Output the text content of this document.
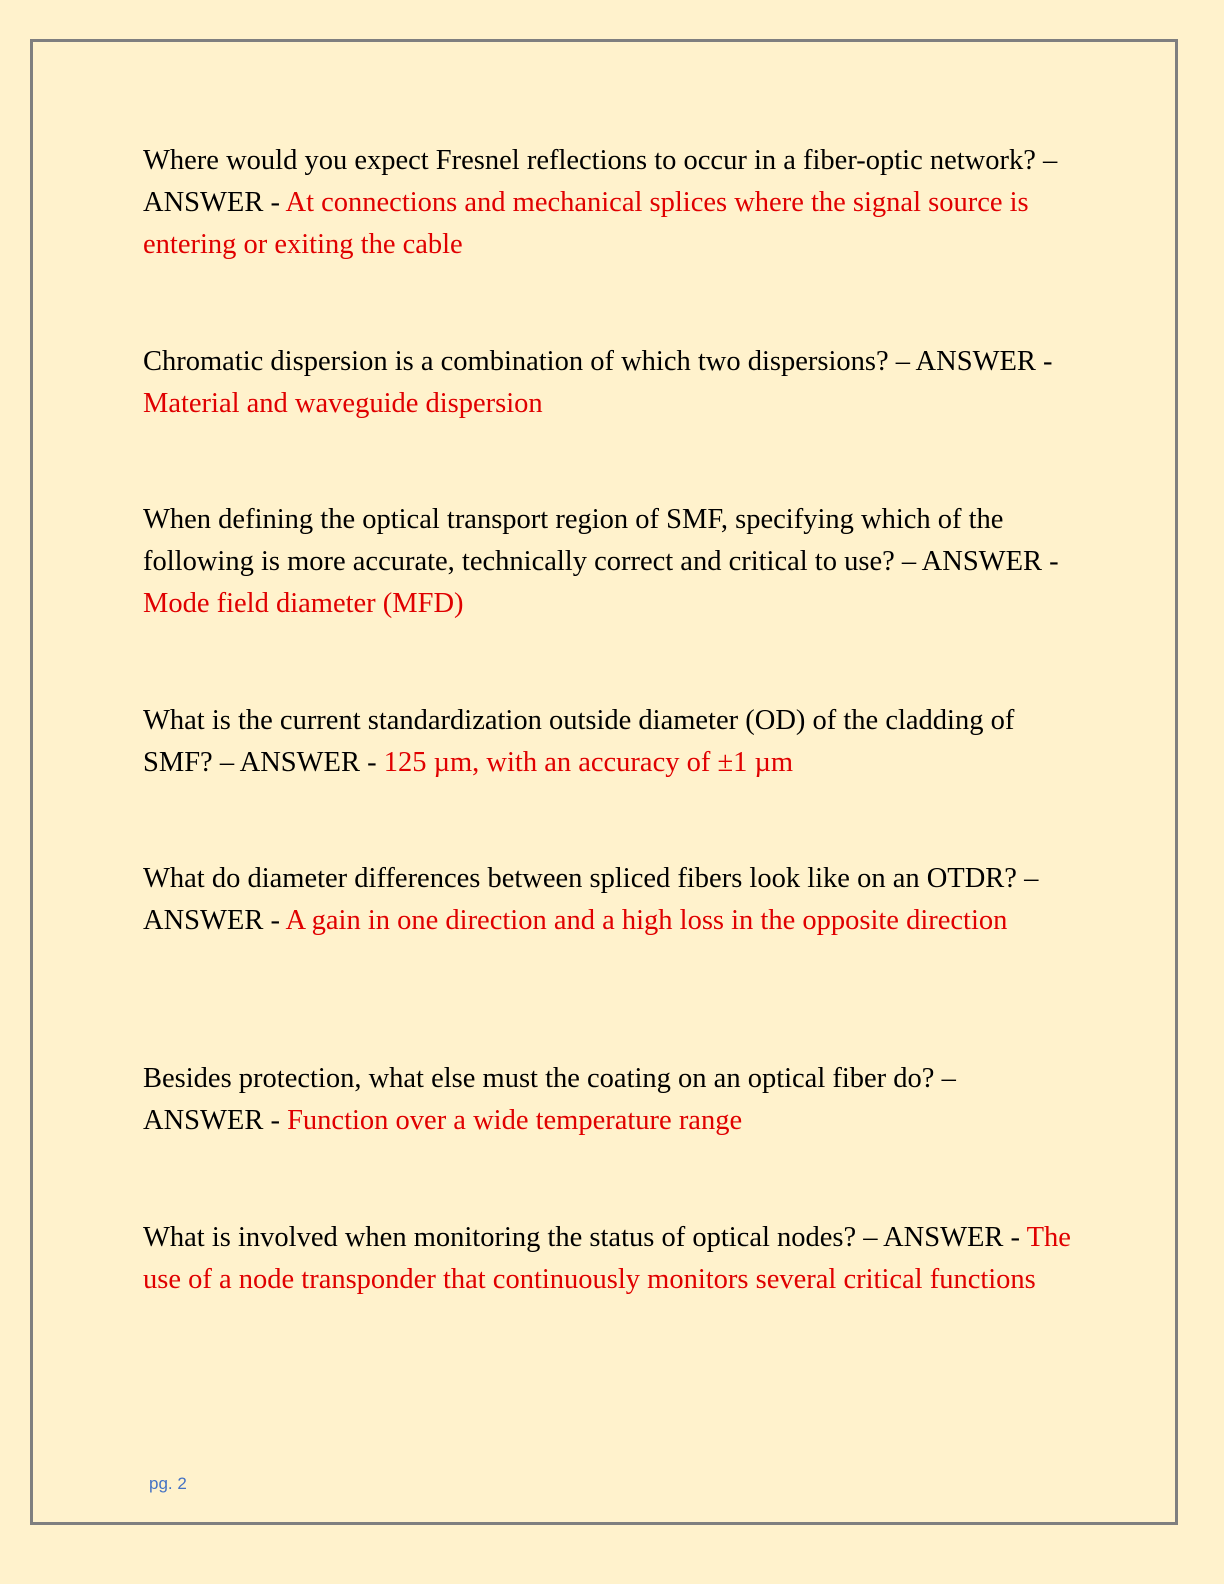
Where would you expect Fresnel reflections to occur in a fiber-optic network? – ANSWER - At connections and mechanical splices where the signal source is entering or exiting the cable

Chromatic dispersion is a combination of which two dispersions? – ANSWER - Material and waveguide dispersion

When defining the optical transport region of SMF, specifying which of the following is more accurate, technically correct and critical to use? – ANSWER - Mode field diameter (MFD)

What is the current standardization outside diameter (OD) of the cladding of SMF? – ANSWER - 125 µm, with an accuracy of ±1 µm

What do diameter differences between spliced fibers look like on an OTDR? – ANSWER - A gain in one direction and a high loss in the opposite direction

Besides protection, what else must the coating on an optical fiber do? – ANSWER - Function over a wide temperature range

What is involved when monitoring the status of optical nodes? – ANSWER - The use of a node transponder that continuously monitors several critical functions

pg. 2
